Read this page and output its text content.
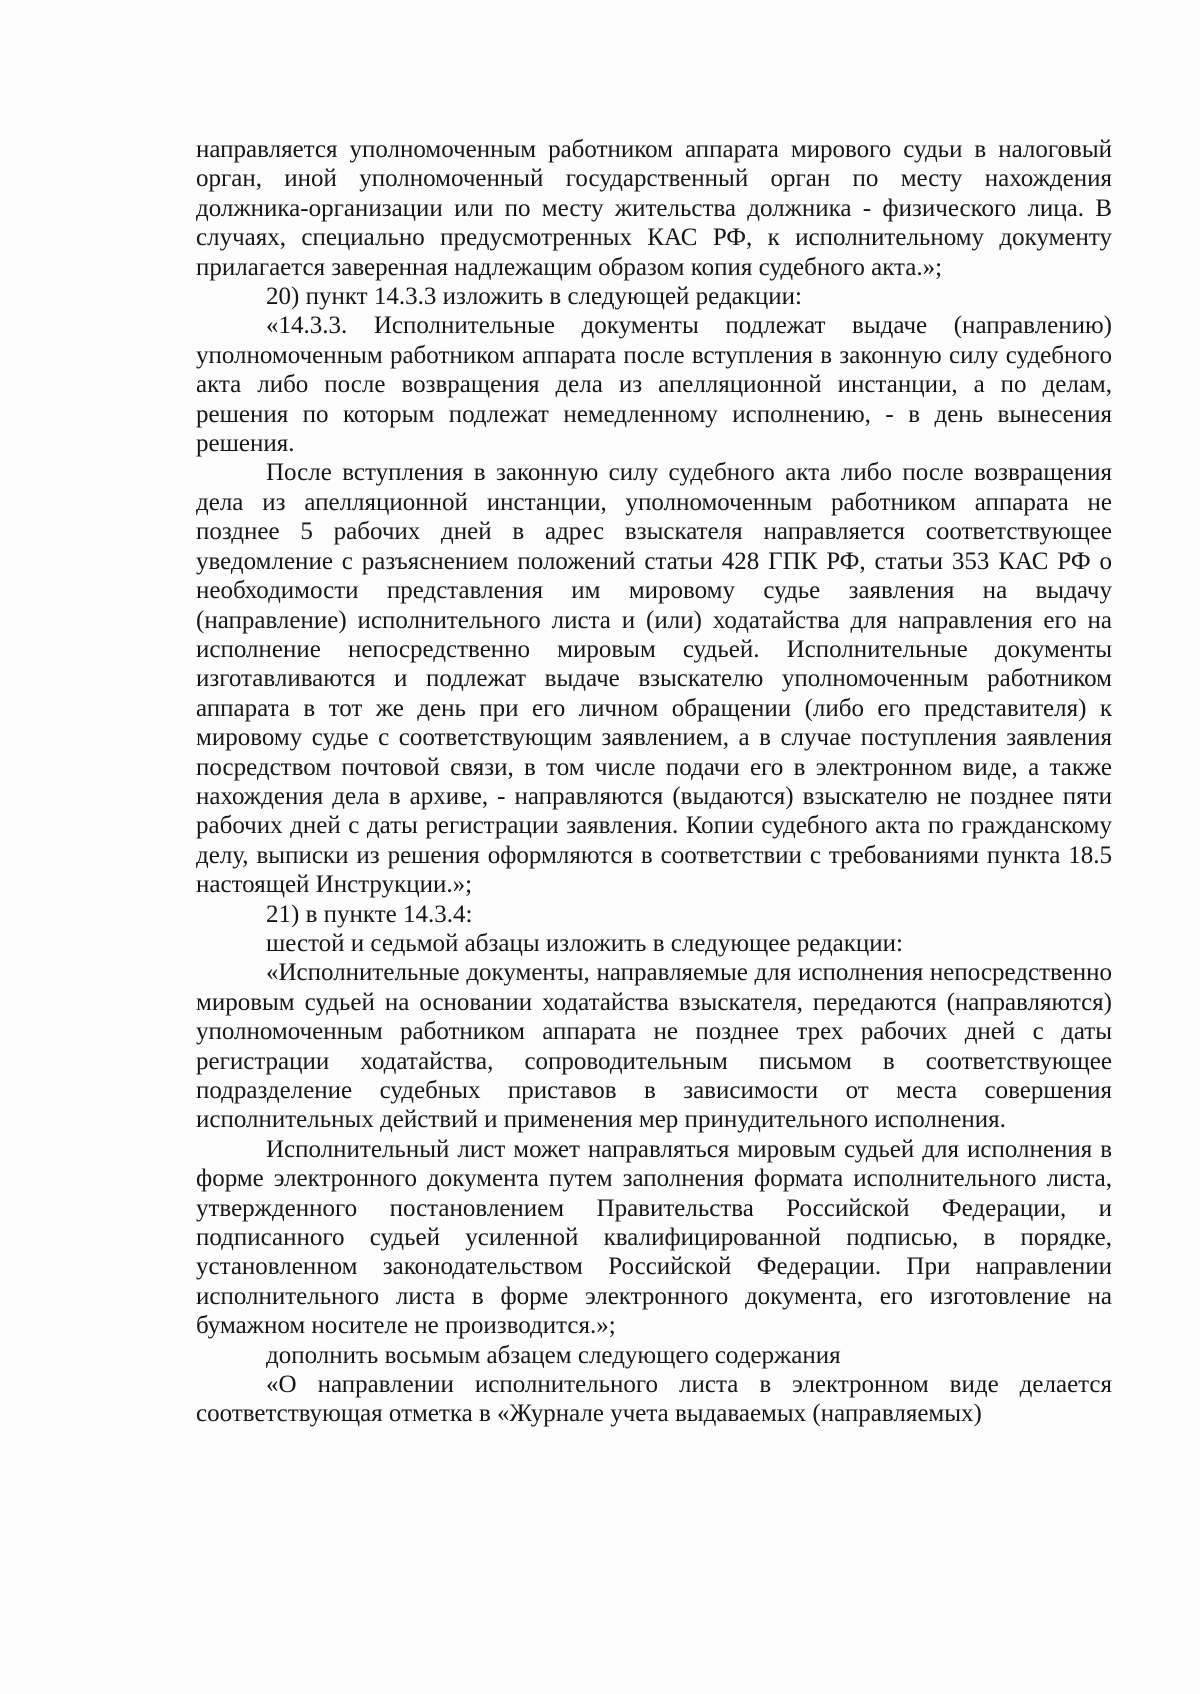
направляется уполномоченным работником аппарата мирового судьи в налоговый орган, иной уполномоченный государственный орган по месту нахождения должника-организации или по месту жительства должника - физического лица. В случаях, специально предусмотренных КАС РФ, к исполнительному документу прилагается заверенная надлежащим образом копия судебного акта.»;

20) пункт 14.3.3 изложить в следующей редакции:

«14.3.3. Исполнительные документы подлежат выдаче (направлению) уполномоченным работником аппарата после вступления в законную силу судебного акта либо после возвращения дела из апелляционной инстанции, а по делам, решения по которым подлежат немедленному исполнению, - в день вынесения решения.

После вступления в законную силу судебного акта либо после возвращения дела из апелляционной инстанции, уполномоченным работником аппарата не позднее 5 рабочих дней в адрес взыскателя направляется соответствующее уведомление с разъяснением положений статьи 428 ГПК РФ, статьи 353 КАС РФ о необходимости представления им мировому судье заявления на выдачу (направление) исполнительного листа и (или) ходатайства для направления его на исполнение непосредственно мировым судьей. Исполнительные документы изготавливаются и подлежат выдаче взыскателю уполномоченным работником аппарата в тот же день при его личном обращении (либо его представителя) к мировому судье с соответствующим заявлением, а в случае поступления заявления посредством почтовой связи, в том числе подачи его в электронном виде, а также нахождения дела в архиве, - направляются (выдаются) взыскателю не позднее пяти рабочих дней с даты регистрации заявления. Копии судебного акта по гражданскому делу, выписки из решения оформляются в соответствии с требованиями пункта 18.5 настоящей Инструкции.»;

21) в пункте 14.3.4:

шестой и седьмой абзацы изложить в следующее редакции:

«Исполнительные документы, направляемые для исполнения непосредственно мировым судьей на основании ходатайства взыскателя, передаются (направляются) уполномоченным работником аппарата не позднее трех рабочих дней с даты регистрации ходатайства, сопроводительным письмом в соответствующее подразделение судебных приставов в зависимости от места совершения исполнительных действий и применения мер принудительного исполнения.

Исполнительный лист может направляться мировым судьей для исполнения в форме электронного документа путем заполнения формата исполнительного листа, утвержденного постановлением Правительства Российской Федерации, и подписанного судьей усиленной квалифицированной подписью, в порядке, установленном законодательством Российской Федерации. При направлении исполнительного листа в форме электронного документа, его изготовление на бумажном носителе не производится.»;

дополнить восьмым абзацем следующего содержания

«О направлении исполнительного листа в электронном виде делается соответствующая отметка в «Журнале учета выдаваемых (направляемых)
